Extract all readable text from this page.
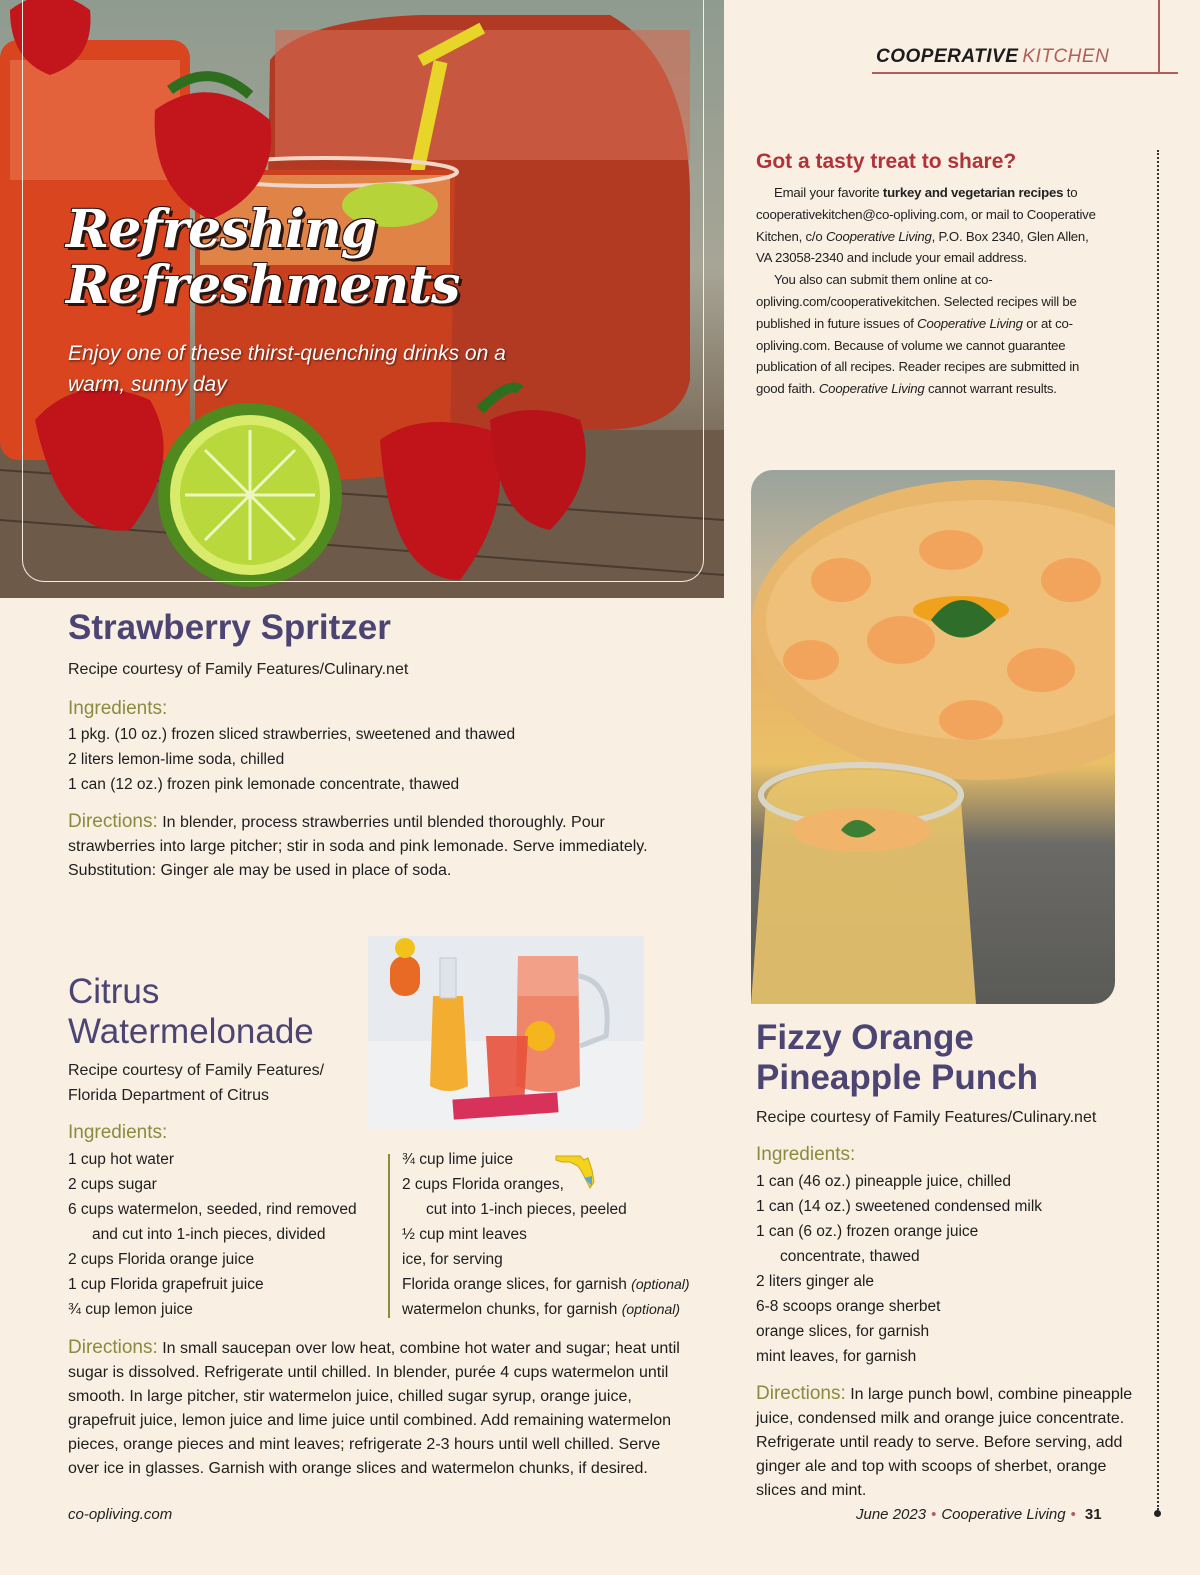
Refreshing
Refreshments
Enjoy one of these thirst-quenching drinks on a warm, sunny day
COOPERATIVE KITCHEN
Got a tasty treat to share?

Email your favorite turkey and vegetarian recipes to cooperativekitchen@co-opliving.com, or mail to Cooperative Kitchen, c/o Cooperative Living, P.O. Box 2340, Glen Allen, VA 23058-2340 and include your email address.

You also can submit them online at co-opliving.com/cooperativekitchen. Selected recipes will be published in future issues of Cooperative Living or at co-opliving.com. Because of volume we cannot guarantee publication of all recipes. Reader recipes are submitted in good faith. Cooperative Living cannot warrant results.

Strawberry Spritzer
Recipe courtesy of Family Features/Culinary.net
Ingredients:
1 pkg. (10 oz.) frozen sliced strawberries, sweetened and thawed
2 liters lemon-lime soda, chilled
1 can (12 oz.) frozen pink lemonade concentrate, thawed
Directions: In blender, process strawberries until blended thoroughly. Pour strawberries into large pitcher; stir in soda and pink lemonade. Serve immediately. Substitution: Ginger ale may be used in place of soda.
Citrus
Watermelonade
Recipe courtesy of Family Features/
Florida Department of Citrus
Ingredients:
1 cup hot water
2 cups sugar
6 cups watermelon, seeded, rind removed
and cut into 1-inch pieces, divided
2 cups Florida orange juice
1 cup Florida grapefruit juice
¾ cup lemon juice
¾ cup lime juice
2 cups Florida oranges,
cut into 1-inch pieces, peeled
½ cup mint leaves
ice, for serving
Florida orange slices, for garnish (optional)
watermelon chunks, for garnish (optional)
Directions: In small saucepan over low heat, combine hot water and sugar; heat until sugar is dissolved. Refrigerate until chilled. In blender, purée 4 cups watermelon until smooth. In large pitcher, stir watermelon juice, chilled sugar syrup, orange juice, grapefruit juice, lemon juice and lime juice until combined. Add remaining watermelon pieces, orange pieces and mint leaves; refrigerate 2-3 hours until well chilled. Serve over ice in glasses. Garnish with orange slices and watermelon chunks, if desired.
Fizzy Orange
Pineapple Punch
Recipe courtesy of Family Features/Culinary.net
Ingredients:
1 can (46 oz.) pineapple juice, chilled
1 can (14 oz.) sweetened condensed milk
1 can (6 oz.) frozen orange juice
concentrate, thawed
2 liters ginger ale
6-8 scoops orange sherbet
orange slices, for garnish
mint leaves, for garnish
Directions: In large punch bowl, combine pineapple juice, condensed milk and orange juice concentrate. Refrigerate until ready to serve. Before serving, add ginger ale and top with scoops of sherbet, orange slices and mint.
co-opliving.com	June 2023 • Cooperative Living • 31
